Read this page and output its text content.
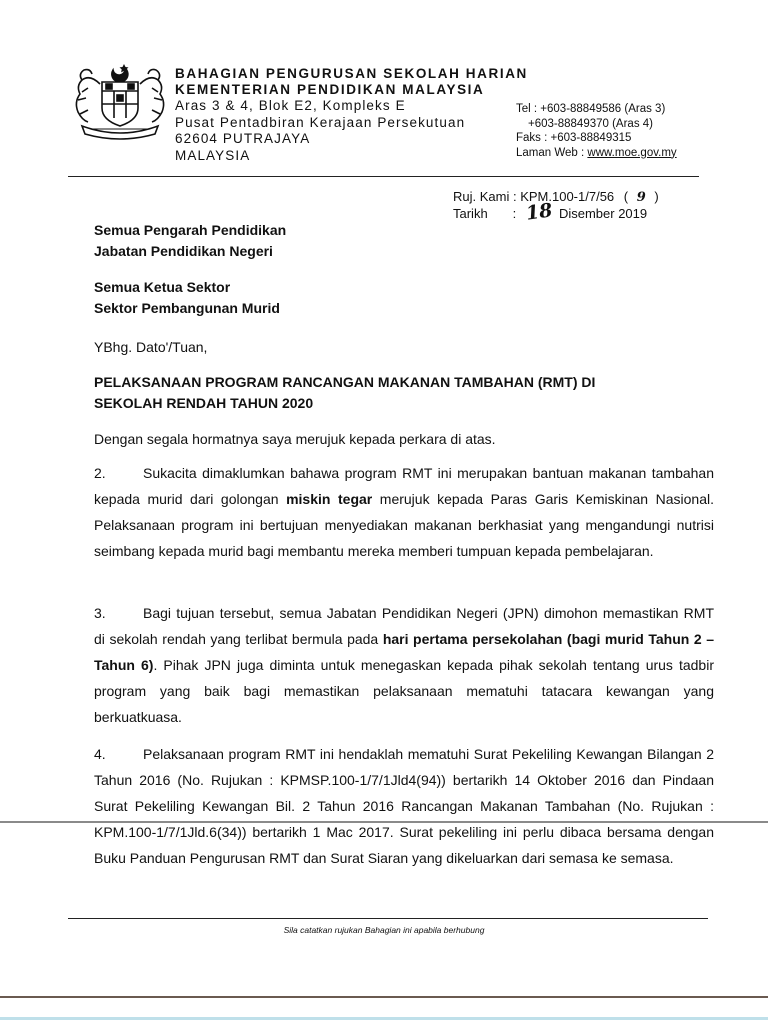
BAHAGIAN PENGURUSAN SEKOLAH HARIAN
KEMENTERIAN PENDIDIKAN MALAYSIA
Aras 3 & 4, Blok E2, Kompleks E
Pusat Pentadbiran Kerajaan Persekutuan
62604 PUTRAJAYA
MALAYSIA
Tel : +603-88849586 (Aras 3)
+603-88849370 (Aras 4)
Faks : +603-88849315
Laman Web : www.moe.gov.my
Ruj. Kami : KPM.100-1/7/56 ( 9 )
Tarikh : 18 Disember 2019
Semua Pengarah Pendidikan
Jabatan Pendidikan Negeri
Semua Ketua Sektor
Sektor Pembangunan Murid
YBhg. Dato'/Tuan,
PELAKSANAAN PROGRAM RANCANGAN MAKANAN TAMBAHAN (RMT) DI
SEKOLAH RENDAH TAHUN 2020
Dengan segala hormatnya saya merujuk kepada perkara di atas.
2.	Sukacita dimaklumkan bahawa program RMT ini merupakan bantuan makanan tambahan kepada murid dari golongan miskin tegar merujuk kepada Paras Garis Kemiskinan Nasional. Pelaksanaan program ini bertujuan menyediakan makanan berkhasiat yang mengandungi nutrisi seimbang kepada murid bagi membantu mereka memberi tumpuan kepada pembelajaran.
3.	Bagi tujuan tersebut, semua Jabatan Pendidikan Negeri (JPN) dimohon memastikan RMT di sekolah rendah yang terlibat bermula pada hari pertama persekolahan (bagi murid Tahun 2 – Tahun 6). Pihak JPN juga diminta untuk menegaskan kepada pihak sekolah tentang urus tadbir program yang baik bagi memastikan pelaksanaan mematuhi tatacara kewangan yang berkuatkuasa.
4.	Pelaksanaan program RMT ini hendaklah mematuhi Surat Pekeliling Kewangan Bilangan 2 Tahun 2016 (No. Rujukan : KPMSP.100-1/7/1Jld4(94)) bertarikh 14 Oktober 2016 dan Pindaan Surat Pekeliling Kewangan Bil. 2 Tahun 2016 Rancangan Makanan Tambahan (No. Rujukan : KPM.100-1/7/1Jld.6(34)) bertarikh 1 Mac 2017. Surat pekeliling ini perlu dibaca bersama dengan Buku Panduan Pengurusan RMT dan Surat Siaran yang dikeluarkan dari semasa ke semasa.
Sila catatkan rujukan Bahagian ini apabila berhubung
